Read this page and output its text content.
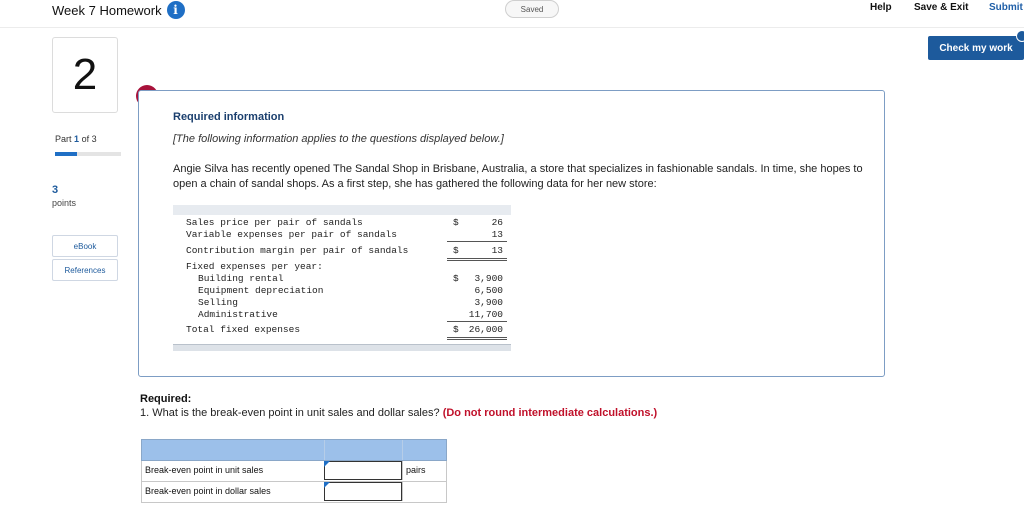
Week 7 Homework i	Saved	Help Save & Exit Submit
Check my work
2
Part 1 of 3
3
points
eBook
References
Required information
[The following information applies to the questions displayed below.]
Angie Silva has recently opened The Sandal Shop in Brisbane, Australia, a store that specializes in fashionable sandals. In time, she hopes to open a chain of sandal shops. As a first step, she has gathered the following data for her new store:
Sales price per pair of sandals	$	26
Variable expenses per pair of sandals	13
Contribution margin per pair of sandals	$	13
Fixed expenses per year:
Building rental	$ 3,900
Equipment depreciation	6,500
Selling	3,900
Administrative	11,700
Total fixed expenses	$ 26,000
Required:
1. What is the break-even point in unit sales and dollar sales? (Do not round intermediate calculations.)
Break-even point in unit sales	pairs
Break-even point in dollar sales
